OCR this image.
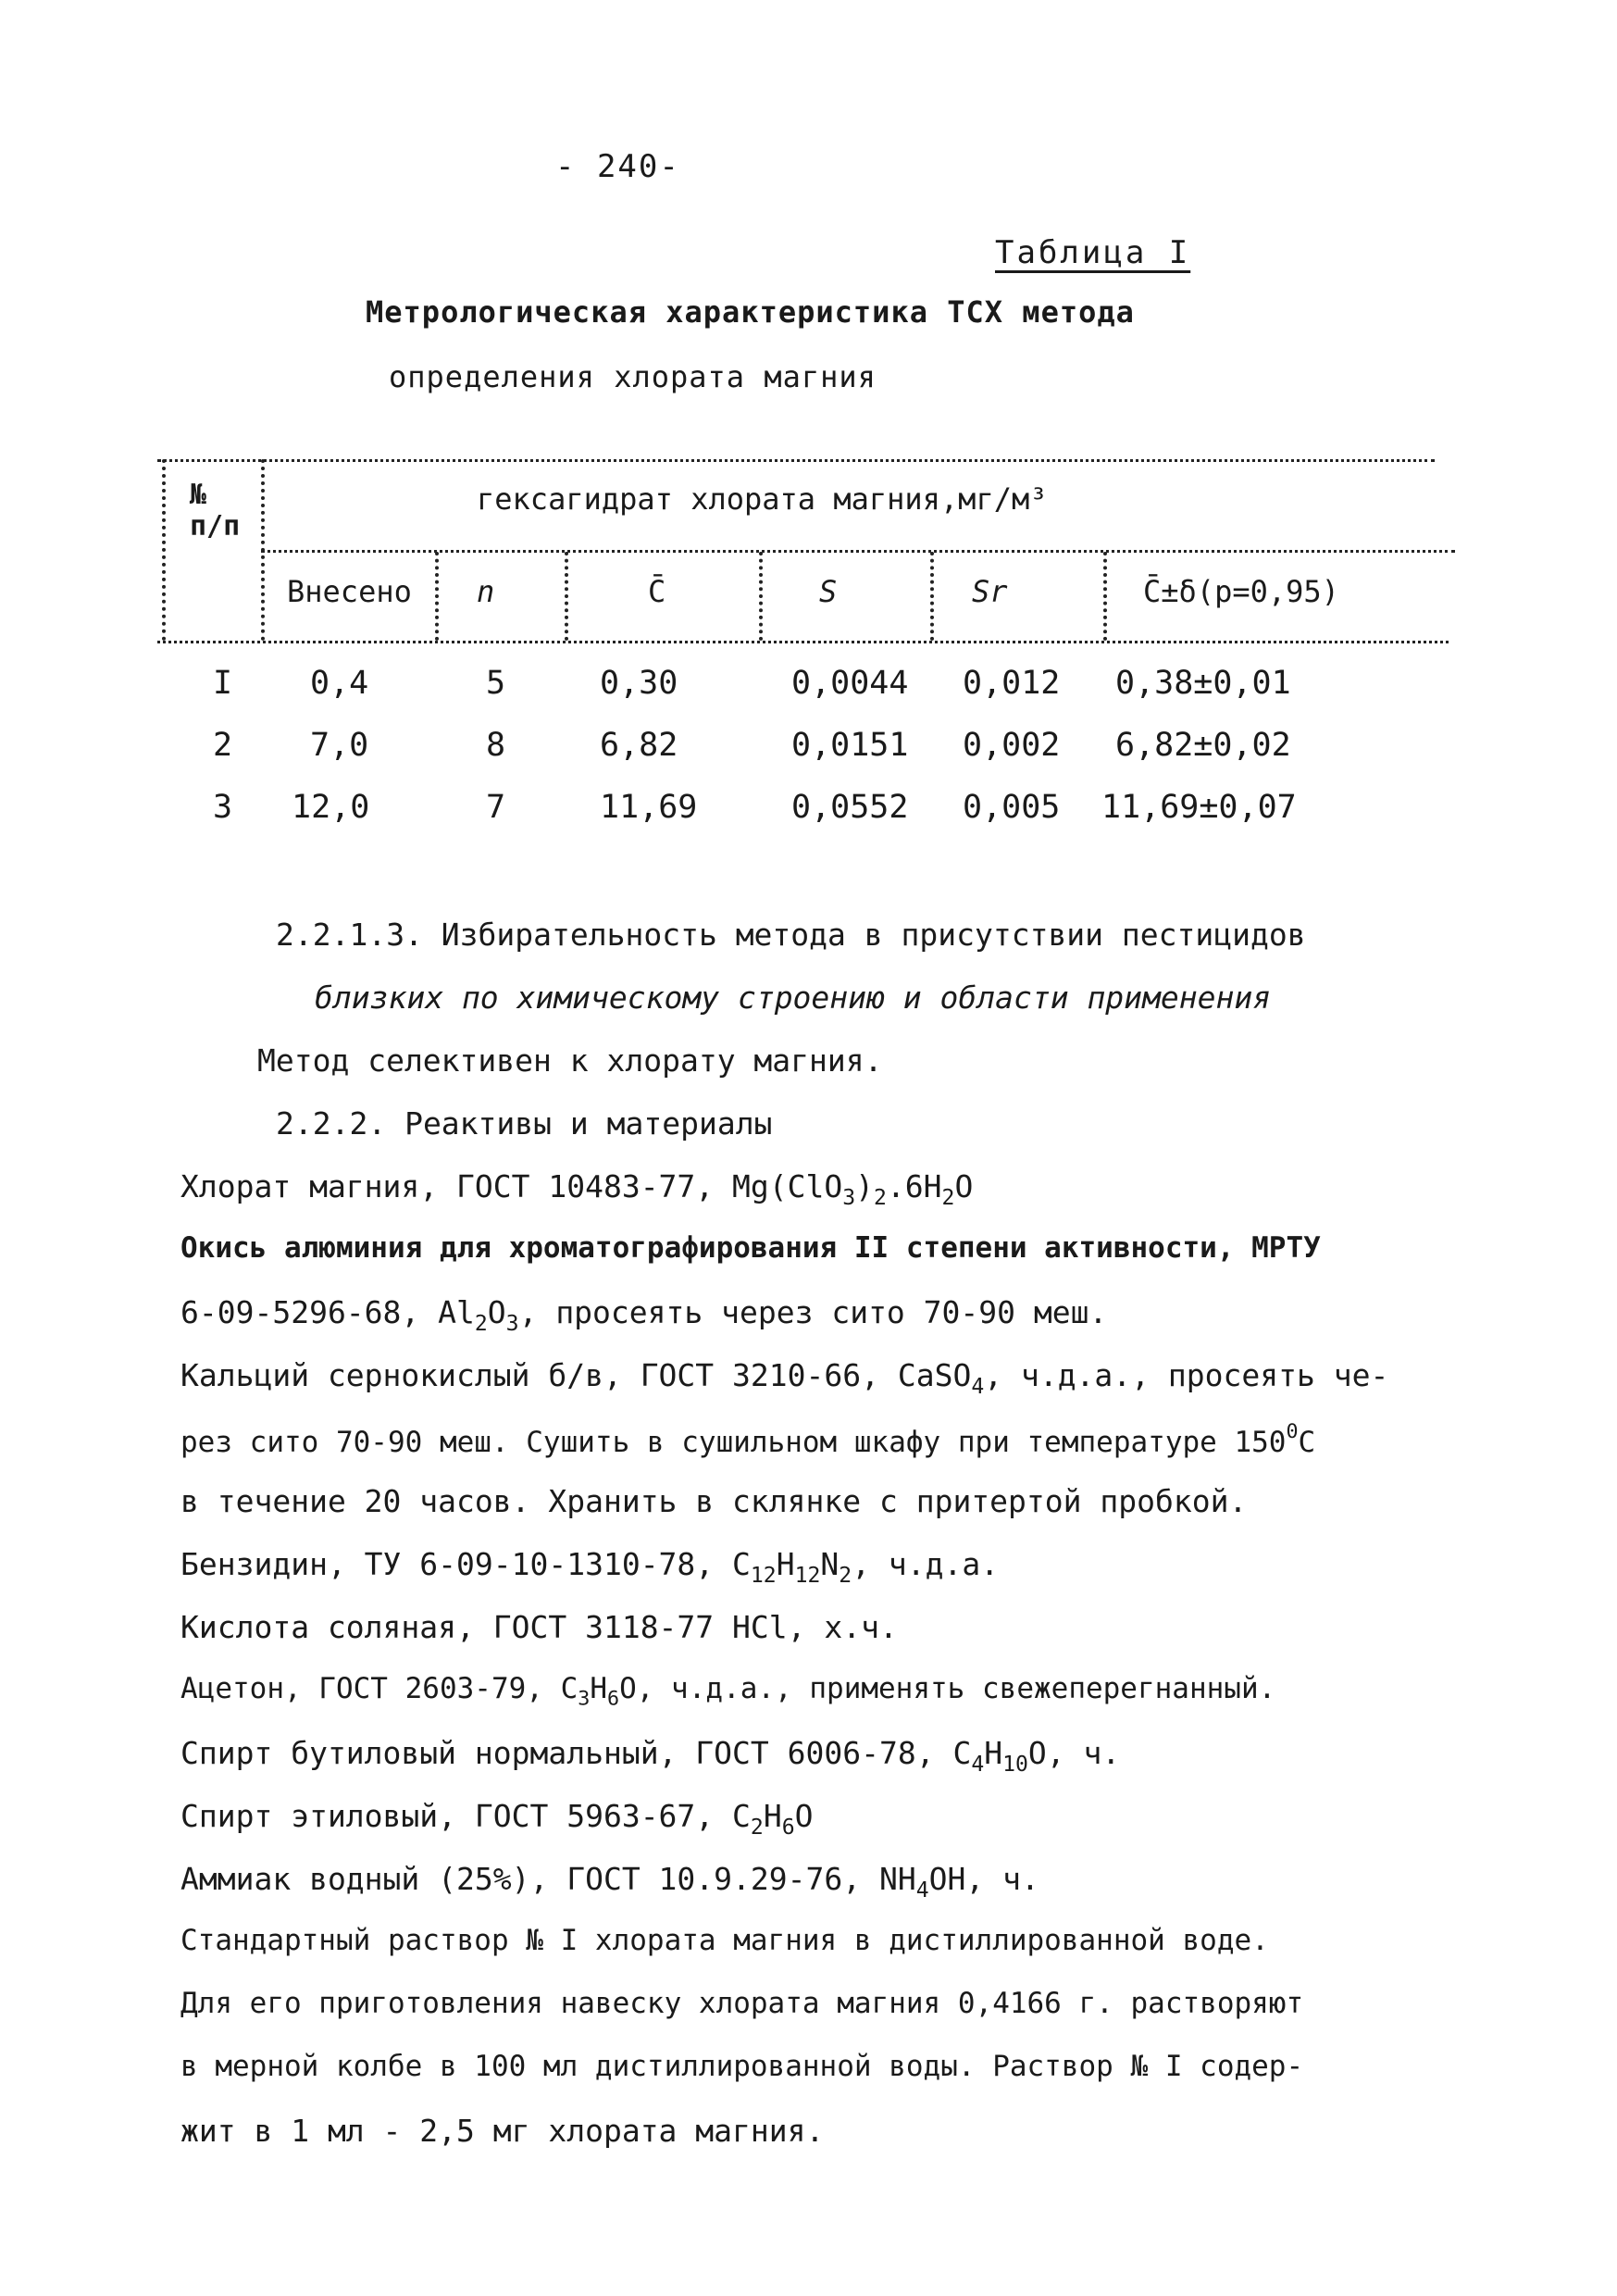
- 240-
Таблица I
Метрологическая характеристика ТСХ метода
определения хлората магния
№ п/п
гексагидрат хлората магния,мг/м³
Внесено n	C̄	S	Sr	C̄±δ(p=0,95)
I 0,4	5	0,30	0,0044 0,012 0,38±0,01
2 7,0	8	6,82	0,0151 0,002 6,82±0,02
3 12,0	7	11,69	0,0552 0,005 11,69±0,07
2.2.1.3. Избирательность метода в присутствии пестицидов
близких по химическому строению и области применения
Метод селективен к хлорату магния.
2.2.2. Реактивы и материалы
Хлорат магния, ГОСТ 10483-77, $Mg(ClO_3)_2.6H_2O$
Окись алюминия для хроматографирования II степени активности, МРТУ
6-09-5296-68, $Al_2O_3$, просеять через сито 70-90 меш.
Кальций сернокислый б/в, ГОСТ 3210-66, CaSO$_4$, ч.д.а., просеять че-
рез сито 70-90 меш. Сушить в сушильном шкафу при температуре $150^0C$
в течение 20 часов. Хранить в склянке с притертой пробкой.
Бензидин, ТУ 6-09-10-1310-78, $C_{12}H_{12}N_2$, ч.д.а.
Кислота соляная, ГОСТ 3118-77 HCl, х.ч.
Ацетон, ГОСТ 2603-79, $C_3H_6O$, ч.д.а., применять свежеперегнанный.
Спирт бутиловый нормальный, ГОСТ 6006-78, $C_4H_{10}O$, ч.
Спирт этиловый, ГОСТ 5963-67, $C_2H_6O$
Аммиак водный (25%), ГОСТ 10.9.29-76, $NH_4OH$, ч.
Стандартный раствор № I хлората магния в дистиллированной воде.
Для его приготовления навеску хлората магния 0,4166 г. растворяют
в мерной колбе в 100 мл дистиллированной воды. Раствор № I содер-
жит в 1 мл - 2,5 мг хлората магния.
